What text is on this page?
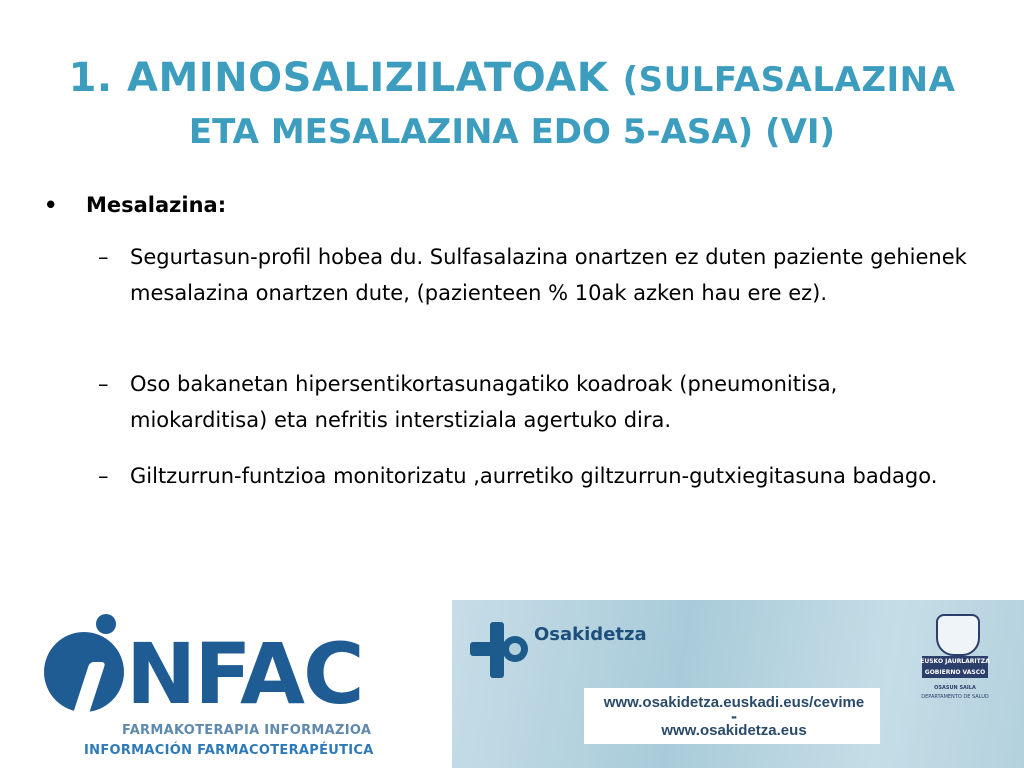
1. AMINOSALIZILATOAK (SULFASALAZINA
ETA MESALAZINA EDO 5-ASA) (VI)
•	Mesalazina:
–	Segurtasun-profil hobea du. Sulfasalazina onartzen ez duten paziente gehienek mesalazina onartzen dute, (pazienteen % 10ak azken hau ere ez).
–	Oso bakanetan hipersentikortasunagatiko koadroak (pneumonitisa, miokarditisa) eta nefritis interstiziala agertuko dira.
–	Giltzurrun-funtzioa monitorizatu ,aurretiko giltzurrun-gutxiegitasuna badago.
NFAC
FARMAKOTERAPIA INFORMAZIOA
INFORMACIÓN FARMACOTERAPÉUTICA
Osakidetza
EUSKO JAURLARITZA
GOBIERNO VASCO
OSASUN SAILA
DEPARTAMENTO DE SALUD
www.osakidetza.euskadi.eus/cevime
-
www.osakidetza.eus
